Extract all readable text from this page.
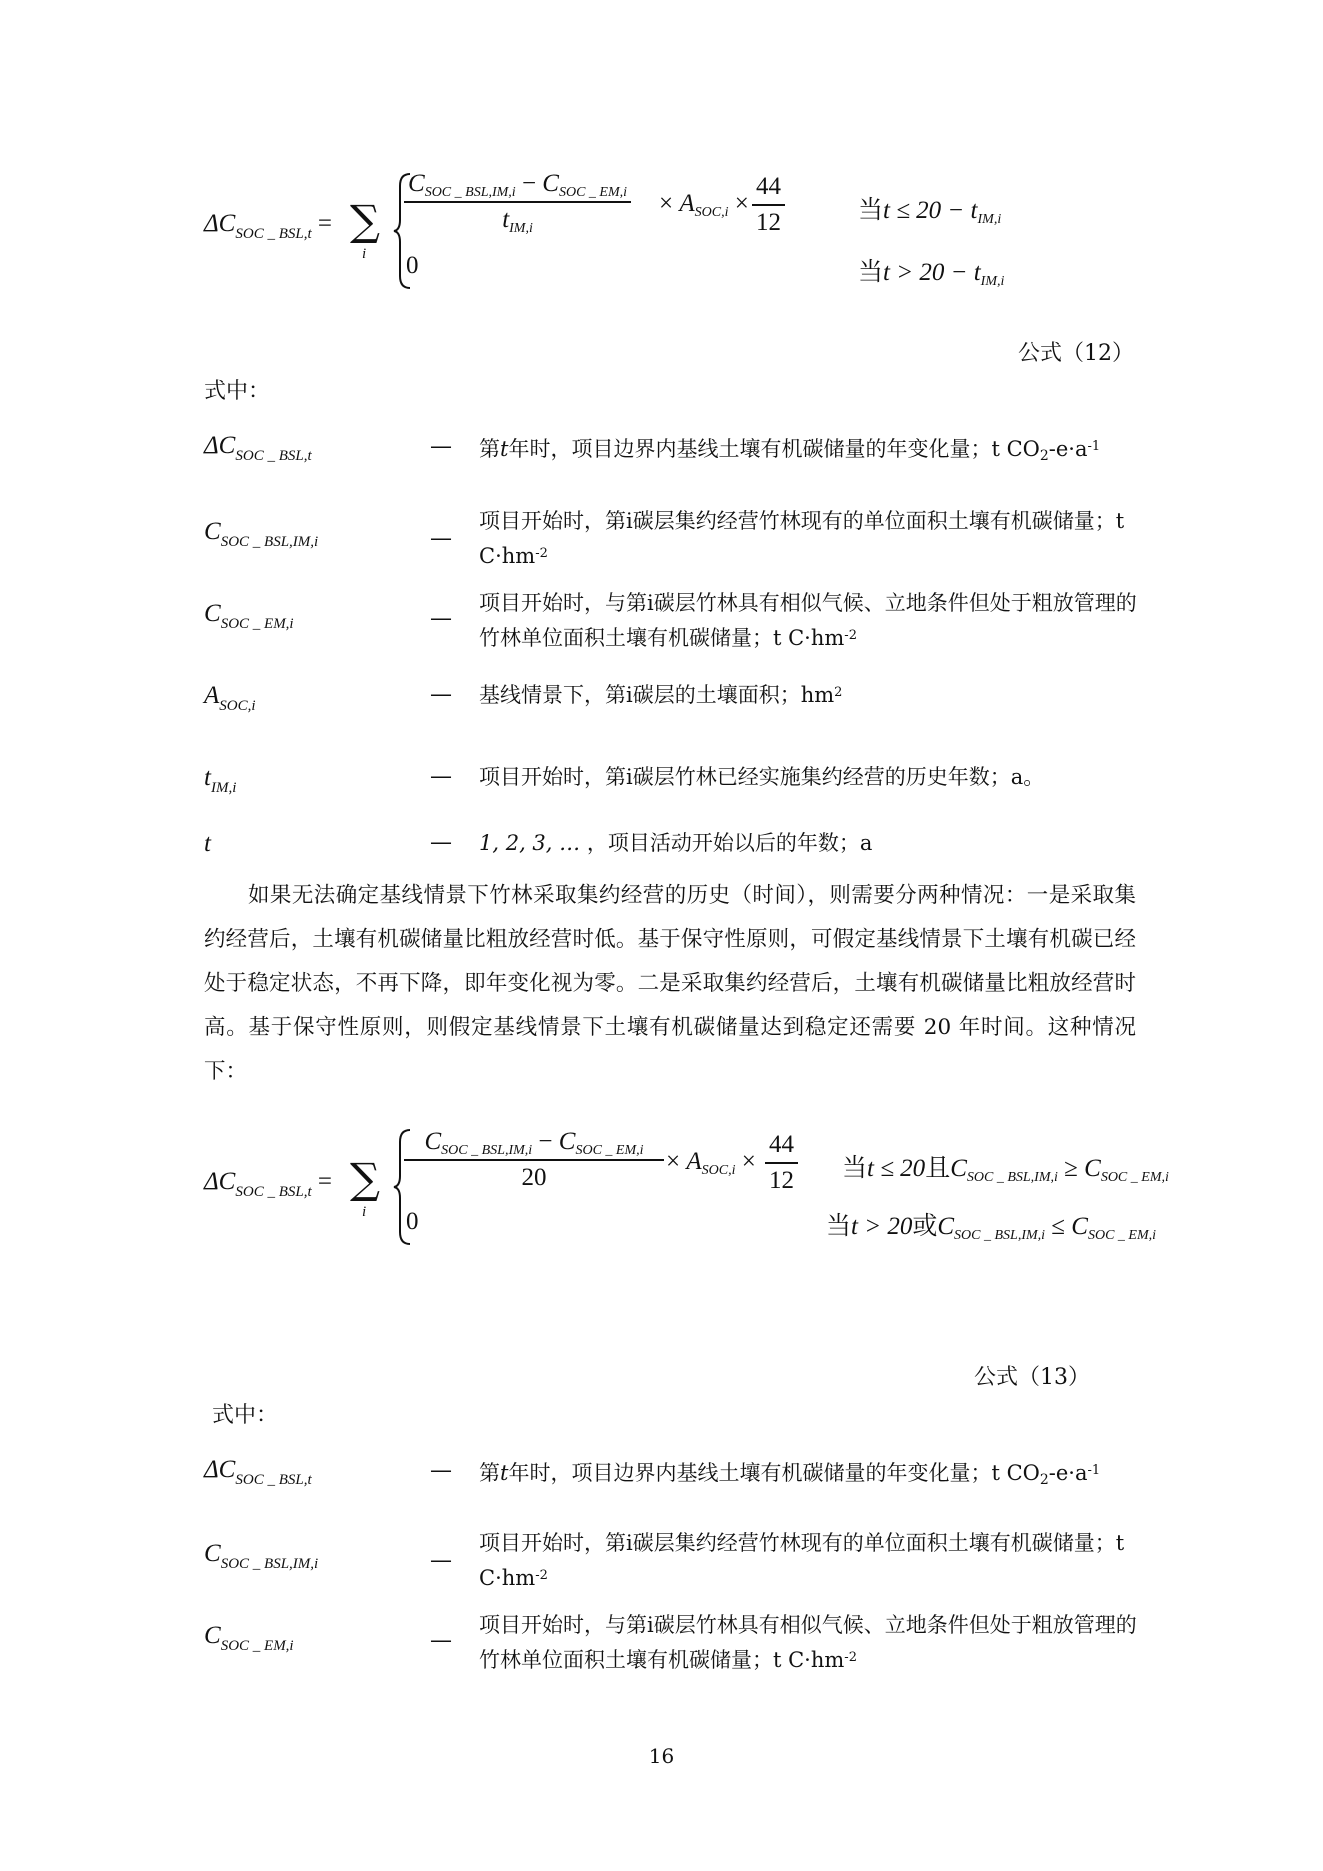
$\Delta C_{SOC \_ BSL,t}$ = ∑
i
$C_{SOC \_ BSL,IM,i} - C_{SOC \_ EM,i}$
$t_{IM,i}$
× $A_{SOC,i}$ ×
44
12
0
当$t \le 20 - t_{IM,i}$
当$t > 20 - t_{IM,i}$
公式（12）
式中：
$\Delta C_{SOC \_ BSL,t}$	— 第t年时，项目边界内基线土壤有机碳储量的年变化量；t $CO2-e\cdot a^{-1}$
$C_{SOC \_ BSL,IM,i}$	—
项目开始时，第i碳层集约经营竹林现有的单位面积土壤有机碳储量；t $C\cdot hm^{-2}$
$C_{SOC \_ EM,i}$	—
项目开始时，与第i碳层竹林具有相似气候、立地条件但处于粗放管理的竹林单位面积土壤有机碳储量；t $C\cdot hm^{-2}$
$A_{SOC,i}$	— 基线情景下，第i碳层的土壤面积；$hm^2$
$t_{IM,i}$	— 项目开始时，第i碳层竹林已经实施集约经营的历史年数；a。
t	— 1, 2, 3, … ，项目活动开始以后的年数；a
如果无法确定基线情景下竹林采取集约经营的历史（时间），则需要分两种情况：一是采取集约经营后，土壤有机碳储量比粗放经营时低。基于保守性原则，可假定基线情景下土壤有机碳已经处于稳定状态，不再下降，即年变化视为零。二是采取集约经营后，土壤有机碳储量比粗放经营时高。基于保守性原则，则假定基线情景下土壤有机碳储量达到稳定还需要 20 年时间。这种情况下：
$\Delta C_{SOC \_ BSL,t}$ = ∑
i
$C_{SOC \_ BSL,IM,i} - C_{SOC \_ EM,i}$
20
× $A_{SOC,i}$ ×
44
12
0
当t ≤ 20且$C_{SOC \_ BSL,IM,i} \ge C_{SOC \_ EM,i}$
当t > 20或$C_{SOC \_ BSL,IM,i} \le C_{SOC \_ EM,i}$
公式（13）
式中：
$\Delta C_{SOC \_ BSL,t}$	— 第t年时，项目边界内基线土壤有机碳储量的年变化量；t $CO2-e\cdot a^{-1}$
$C_{SOC \_ BSL,IM,i}$	—
项目开始时，第i碳层集约经营竹林现有的单位面积土壤有机碳储量；t $C\cdot hm^{-2}$
$C_{SOC \_ EM,i}$	—
项目开始时，与第i碳层竹林具有相似气候、立地条件但处于粗放管理的竹林单位面积土壤有机碳储量；t $C\cdot hm^{-2}$
16
